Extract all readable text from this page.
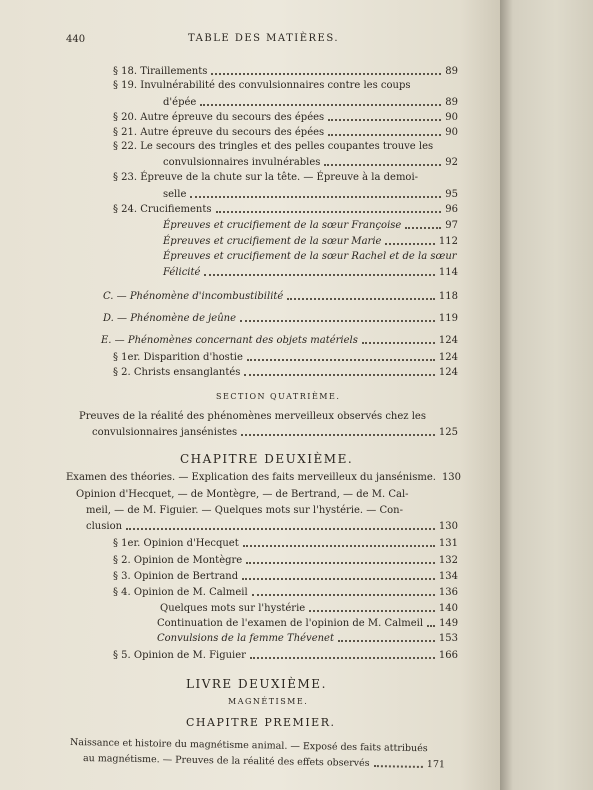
440	TABLE DES MATIÈRES.
§ 18. Tiraillements	89
§ 19. Invulnérabilité des convulsionnaires contre les coups
d'épée	89
§ 20. Autre épreuve du secours des épées	90
§ 21. Autre épreuve du secours des épées	90
§ 22. Le secours des tringles et des pelles coupantes trouve les
convulsionnaires invulnérables	92
§ 23. Épreuve de la chute sur la tête. — Épreuve à la demoi-
selle	95
§ 24. Crucifiements	96
Épreuves et crucifiement de la sœur Françoise	97
Épreuves et crucifiement de la sœur Marie	112
Épreuves et crucifiement de la sœur Rachel et de la sœur
Félicité	114
C. — Phénomène d'incombustibilité	118
D. — Phénomène de jeûne	119
E. — Phénomènes concernant des objets matériels	124
§ 1er. Disparition d'hostie	124
§ 2. Christs ensanglantés	124
SECTION QUATRIÈME.
Preuves de la réalité des phénomènes merveilleux observés chez les
convulsionnaires jansénistes	125
CHAPITRE DEUXIÈME.
Examen des théories. — Explication des faits merveilleux du jansénisme. 130
Opinion d'Hecquet, — de Montègre, — de Bertrand, — de M. Cal-
meil, — de M. Figuier. — Quelques mots sur l'hystérie. — Con-
clusion	130
§ 1er. Opinion d'Hecquet	131
§ 2. Opinion de Montègre	132
§ 3. Opinion de Bertrand	134
§ 4. Opinion de M. Calmeil	136
Quelques mots sur l'hystérie	140
Continuation de l'examen de l'opinion de M. Calmeil 149
Convulsions de la femme Thévenet	153
§ 5. Opinion de M. Figuier	166
LIVRE DEUXIÈME.
MAGNÉTISME.
CHAPITRE PREMIER.
Naissance et histoire du magnétisme animal. — Exposé des faits attribués
au magnétisme. — Preuves de la réalité des effets observés	171
